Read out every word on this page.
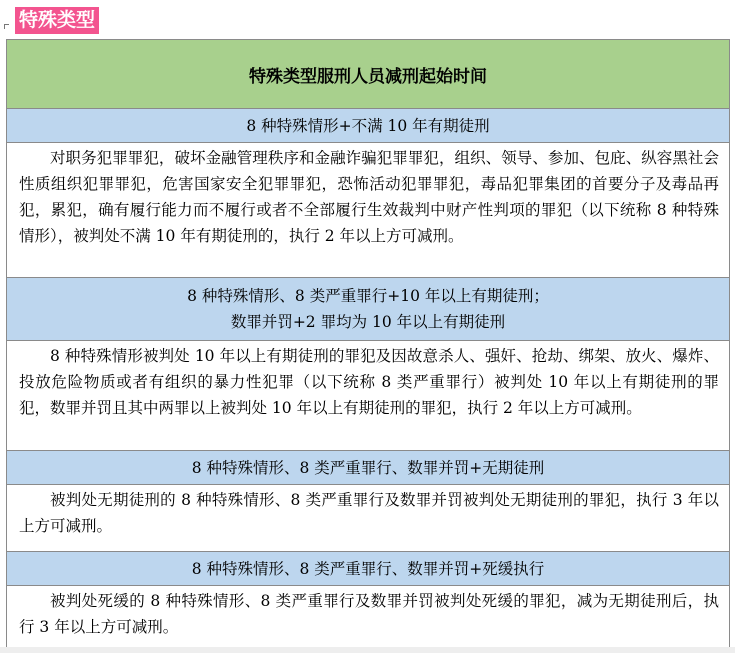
特殊类型
特殊类型服刑人员减刑起始时间
8 种特殊情形+不满 10 年有期徒刑

对职务犯罪罪犯，破坏金融管理秩序和金融诈骗犯罪罪犯，组织、领导、参加、包庇、纵容黑社会性质组织犯罪罪犯，危害国家安全犯罪罪犯，恐怖活动犯罪罪犯，毒品犯罪集团的首要分子及毒品再犯，累犯，确有履行能力而不履行或者不全部履行生效裁判中财产性判项的罪犯（以下统称 8 种特殊情形），被判处不满 10 年有期徒刑的，执行 2 年以上方可减刑。

8 种特殊情形、8 类严重罪行+10 年以上有期徒刑；
数罪并罚+2 罪均为 10 年以上有期徒刑

8 种特殊情形被判处 10 年以上有期徒刑的罪犯及因故意杀人、强奸、抢劫、绑架、放火、爆炸、投放危险物质或者有组织的暴力性犯罪（以下统称 8 类严重罪行）被判处 10 年以上有期徒刑的罪犯，数罪并罚且其中两罪以上被判处 10 年以上有期徒刑的罪犯，执行 2 年以上方可减刑。

8 种特殊情形、8 类严重罪行、数罪并罚+无期徒刑

被判处无期徒刑的 8 种特殊情形、8 类严重罪行及数罪并罚被判处无期徒刑的罪犯，执行 3 年以上方可减刑。

8 种特殊情形、8 类严重罪行、数罪并罚+死缓执行

被判处死缓的 8 种特殊情形、8 类严重罪行及数罪并罚被判处死缓的罪犯，减为无期徒刑后，执行 3 年以上方可减刑。
